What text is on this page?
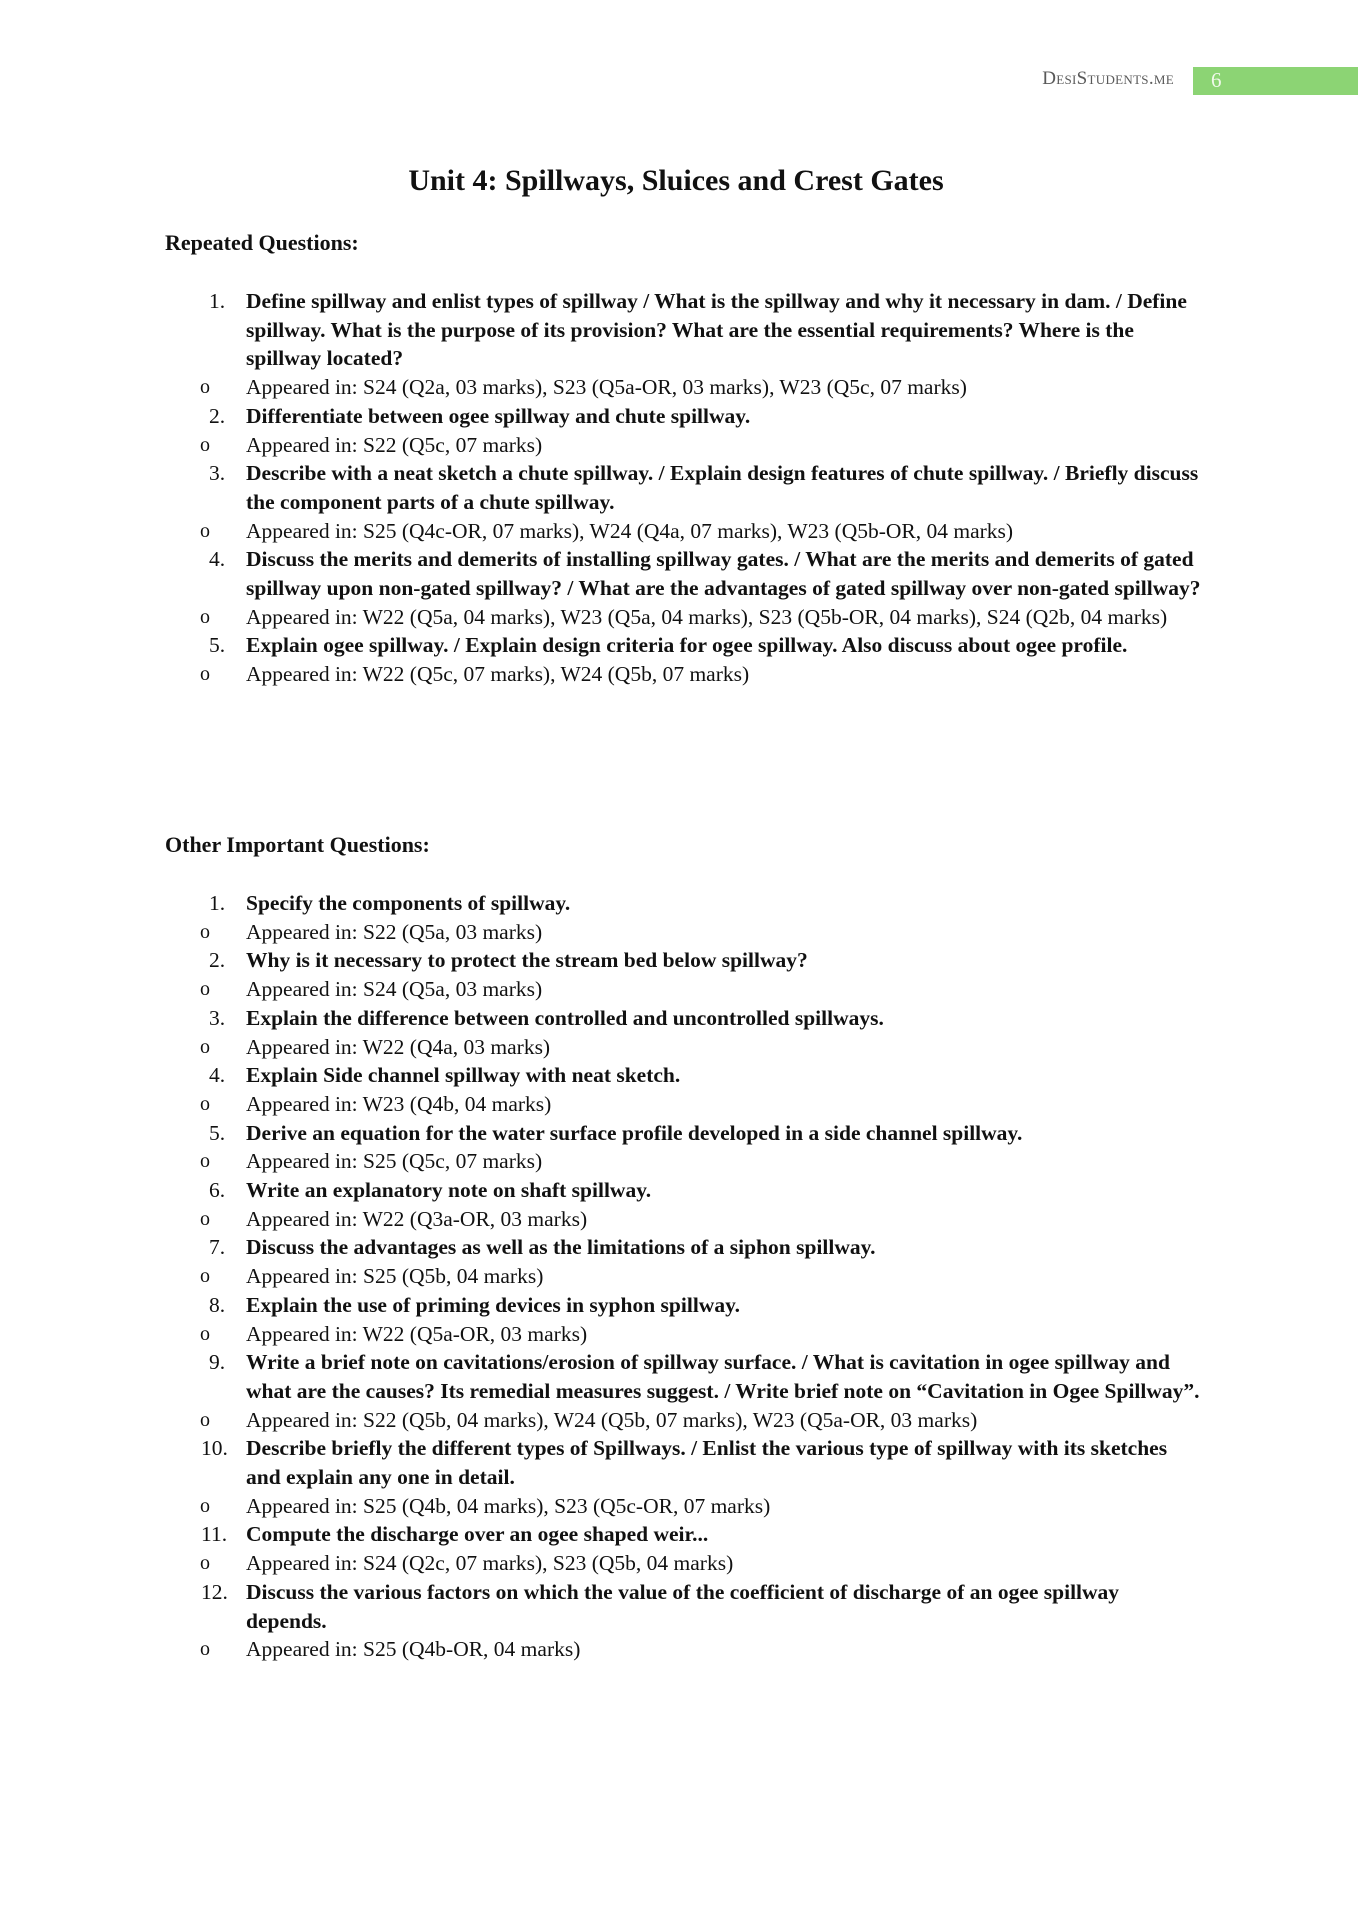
DesiStudents.me 6
Unit 4: Spillways, Sluices and Crest Gates
Repeated Questions:
1. Define spillway and enlist types of spillway / What is the spillway and why it necessary in dam. / Define spillway. What is the purpose of its provision? What are the essential requirements? Where is the spillway located?
o Appeared in: S24 (Q2a, 03 marks), S23 (Q5a-OR, 03 marks), W23 (Q5c, 07 marks)
2. Differentiate between ogee spillway and chute spillway.
o Appeared in: S22 (Q5c, 07 marks)
3. Describe with a neat sketch a chute spillway. / Explain design features of chute spillway. / Briefly discuss the component parts of a chute spillway.
o Appeared in: S25 (Q4c-OR, 07 marks), W24 (Q4a, 07 marks), W23 (Q5b-OR, 04 marks)
4. Discuss the merits and demerits of installing spillway gates. / What are the merits and demerits of gated spillway upon non-gated spillway? / What are the advantages of gated spillway over non-gated spillway?
o Appeared in: W22 (Q5a, 04 marks), W23 (Q5a, 04 marks), S23 (Q5b-OR, 04 marks), S24 (Q2b, 04 marks)
5. Explain ogee spillway. / Explain design criteria for ogee spillway. Also discuss about ogee profile.
o Appeared in: W22 (Q5c, 07 marks), W24 (Q5b, 07 marks)
Other Important Questions:
1. Specify the components of spillway.
o Appeared in: S22 (Q5a, 03 marks)
2. Why is it necessary to protect the stream bed below spillway?
o Appeared in: S24 (Q5a, 03 marks)
3. Explain the difference between controlled and uncontrolled spillways.
o Appeared in: W22 (Q4a, 03 marks)
4. Explain Side channel spillway with neat sketch.
o Appeared in: W23 (Q4b, 04 marks)
5. Derive an equation for the water surface profile developed in a side channel spillway.
o Appeared in: S25 (Q5c, 07 marks)
6. Write an explanatory note on shaft spillway.
o Appeared in: W22 (Q3a-OR, 03 marks)
7. Discuss the advantages as well as the limitations of a siphon spillway.
o Appeared in: S25 (Q5b, 04 marks)
8. Explain the use of priming devices in syphon spillway.
o Appeared in: W22 (Q5a-OR, 03 marks)
9. Write a brief note on cavitations/erosion of spillway surface. / What is cavitation in ogee spillway and what are the causes? Its remedial measures suggest. / Write brief note on “Cavitation in Ogee Spillway”.
o Appeared in: S22 (Q5b, 04 marks), W24 (Q5b, 07 marks), W23 (Q5a-OR, 03 marks)
10. Describe briefly the different types of Spillways. / Enlist the various type of spillway with its sketches and explain any one in detail.
o Appeared in: S25 (Q4b, 04 marks), S23 (Q5c-OR, 07 marks)
11. Compute the discharge over an ogee shaped weir...
o Appeared in: S24 (Q2c, 07 marks), S23 (Q5b, 04 marks)
12. Discuss the various factors on which the value of the coefficient of discharge of an ogee spillway depends.
o Appeared in: S25 (Q4b-OR, 04 marks)
